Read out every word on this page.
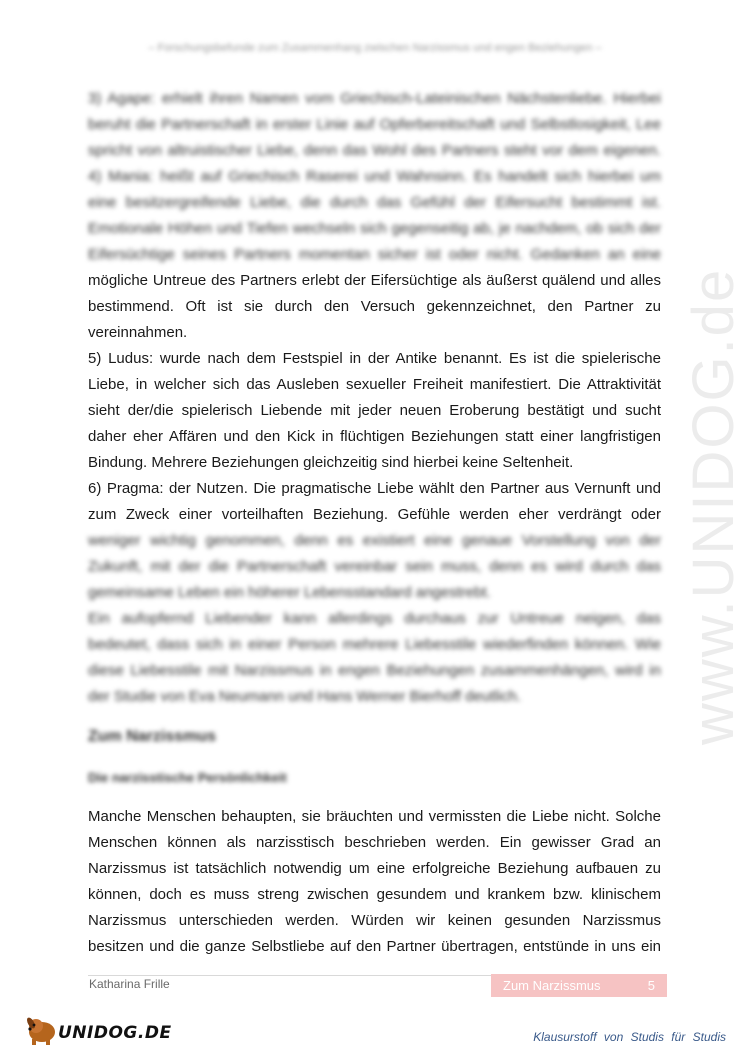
www.UNIDOG.de
– Forschungsbefunde zum Zusammenhang zwischen Narzissmus und engen Beziehungen –
3) Agape: erhielt ihren Namen vom Griechisch-Lateinischen Nächstenliebe. Hierbei
beruht die Partnerschaft in erster Linie auf Opferbereitschaft und Selbstlosigkeit, Lee
spricht von altruistischer Liebe, denn das Wohl des Partners steht vor dem eigenen.
4) Mania: heißt auf Griechisch Raserei und Wahnsinn. Es handelt sich hierbei um
eine besitzergreifende Liebe, die durch das Gefühl der Eifersucht bestimmt ist.
Emotionale Höhen und Tiefen wechseln sich gegenseitig ab, je nachdem, ob sich der
Eifersüchtige seines Partners momentan sicher ist oder nicht. Gedanken an eine
mögliche Untreue des Partners erlebt der Eifersüchtige als äußerst quälend und alles
bestimmend. Oft ist sie durch den Versuch gekennzeichnet, den Partner zu
vereinnahmen.
5) Ludus: wurde nach dem Festspiel in der Antike benannt. Es ist die spielerische
Liebe, in welcher sich das Ausleben sexueller Freiheit manifestiert. Die Attraktivität
sieht der/die spielerisch Liebende mit jeder neuen Eroberung bestätigt und sucht
daher eher Affären und den Kick in flüchtigen Beziehungen statt einer langfristigen
Bindung. Mehrere Beziehungen gleichzeitig sind hierbei keine Seltenheit.
6) Pragma: der Nutzen. Die pragmatische Liebe wählt den Partner aus Vernunft und
zum Zweck einer vorteilhaften Beziehung. Gefühle werden eher verdrängt oder
weniger wichtig genommen, denn es existiert eine genaue Vorstellung von der
Zukunft, mit der die Partnerschaft vereinbar sein muss, denn es wird durch das
gemeinsame Leben ein höherer Lebensstandard angestrebt.
Ein aufopfernd Liebender kann allerdings durchaus zur Untreue neigen, das
bedeutet, dass sich in einer Person mehrere Liebesstile wiederfinden können. Wie
diese Liebesstile mit Narzissmus in engen Beziehungen zusammenhängen, wird in
der Studie von Eva Neumann und Hans Werner Bierhoff deutlich.
Zum Narzissmus
Die narzisstische Persönlichkeit
Manche Menschen behaupten, sie bräuchten und vermissten die Liebe nicht. Solche
Menschen können als narzisstisch beschrieben werden. Ein gewisser Grad an
Narzissmus ist tatsächlich notwendig um eine erfolgreiche Beziehung aufbauen zu
können, doch es muss streng zwischen gesundem und krankem bzw. klinischem
Narzissmus unterschieden werden. Würden wir keinen gesunden Narzissmus
besitzen und die ganze Selbstliebe auf den Partner übertragen, entstünde in uns ein
Katharina Frille	Zum Narzissmus	5
UNIDOG.DE	Klausurstoff von Studis für Studis
